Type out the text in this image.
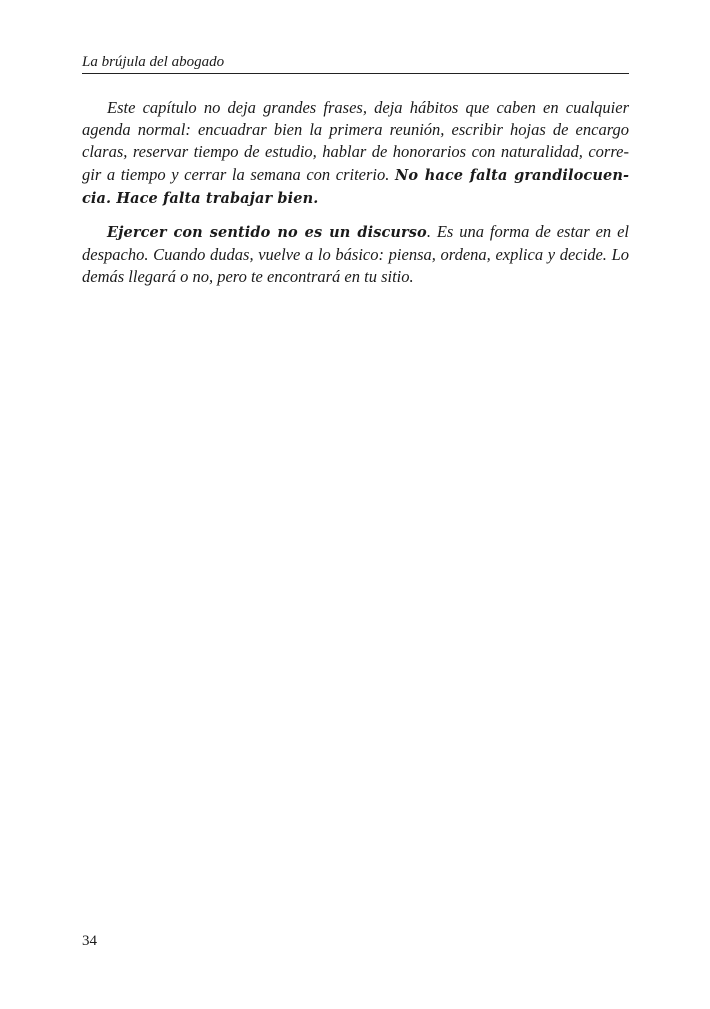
La brújula del abogado

Este capítulo no deja grandes frases, deja hábitos que caben en cualquier agenda normal: encuadrar bien la primera reunión, escribir hojas de encargo claras, reservar tiempo de estudio, hablar de honorarios con naturalidad, corregir a tiempo y cerrar la semana con criterio. No hace falta grandilocuencia. Hace falta trabajar bien.

Ejercer con sentido no es un discurso. Es una forma de estar en el despacho. Cuando dudas, vuelve a lo básico: piensa, ordena, explica y decide. Lo demás llegará o no, pero te encontrará en tu sitio.

34
